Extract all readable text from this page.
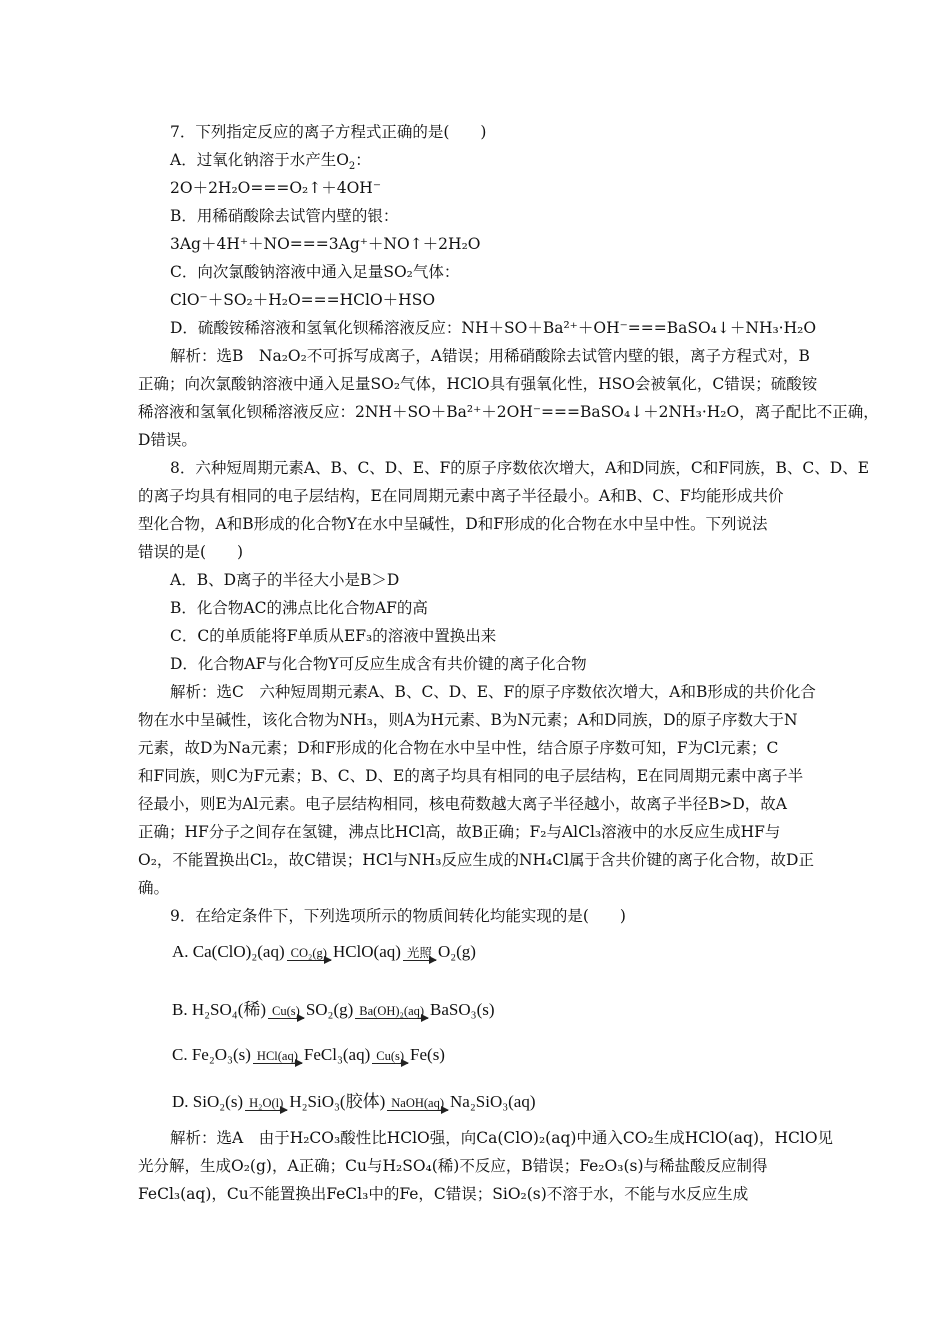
7．下列指定反应的离子方程式正确的是(　　)
A．过氧化钠溶于水产生$O_2$：
2O＋2H₂O===O₂↑＋4OH⁻
B．用稀硝酸除去试管内壁的银：
3Ag＋4H⁺＋NO===3Ag⁺＋NO↑＋2H₂O
C．向次氯酸钠溶液中通入足量SO₂气体：
ClO⁻＋SO₂＋H₂O===HClO＋HSO
D．硫酸铵稀溶液和氢氧化钡稀溶液反应：NH＋SO＋Ba²⁺＋OH⁻===BaSO₄↓＋NH₃·H₂O
解析：选B　Na₂O₂不可拆写成离子，A错误；用稀硝酸除去试管内壁的银，离子方程式对，B
正确；向次氯酸钠溶液中通入足量SO₂气体，HClO具有强氧化性，HSO会被氧化，C错误；硫酸铵
稀溶液和氢氧化钡稀溶液反应：2NH＋SO＋Ba²⁺＋2OH⁻===BaSO₄↓＋2NH₃·H₂O，离子配比不正确，
D错误。
8．六种短周期元素A、B、C、D、E、F的原子序数依次增大，A和D同族，C和F同族，B、C、D、E
的离子均具有相同的电子层结构，E在同周期元素中离子半径最小。A和B、C、F均能形成共价
型化合物，A和B形成的化合物Y在水中呈碱性，D和F形成的化合物在水中呈中性。下列说法
错误的是(　　)
A．B、D离子的半径大小是B＞D
B．化合物AC的沸点比化合物AF的高
C．C的单质能将F单质从EF₃的溶液中置换出来
D．化合物AF与化合物Y可反应生成含有共价键的离子化合物
解析：选C　六种短周期元素A、B、C、D、E、F的原子序数依次增大，A和B形成的共价化合
物在水中呈碱性，该化合物为NH₃，则A为H元素、B为N元素；A和D同族，D的原子序数大于N
元素，故D为Na元素；D和F形成的化合物在水中呈中性，结合原子序数可知，F为Cl元素；C
和F同族，则C为F元素；B、C、D、E的离子均具有相同的电子层结构，E在同周期元素中离子半
径最小，则E为Al元素。电子层结构相同，核电荷数越大离子半径越小，故离子半径B>D，故A
正确；HF分子之间存在氢键，沸点比HCl高，故B正确；F₂与AlCl₃溶液中的水反应生成HF与
O₂，不能置换出Cl₂，故C错误；HCl与NH₃反应生成的NH₄Cl属于含共价键的离子化合物，故D正
确。
9．在给定条件下，下列选项所示的物质间转化均能实现的是(　　)
A. Ca(ClO)₂(aq) CO₂(g) HClO(aq) 光照 O₂(g)
B. H₂SO₄(稀) Cu(s) SO₂(g) Ba(OH)₂(aq) BaSO₃(s)
C. Fe₂O₃(s) HCl(aq) FeCl₃(aq) Cu(s) Fe(s)
D. SiO₂(s) H₂O(l) H₂SiO₃(胶体) NaOH(aq) Na₂SiO₃(aq)
解析：选A　由于H₂CO₃酸性比HClO强，向Ca(ClO)₂(aq)中通入CO₂生成HClO(aq)，HClO见
光分解，生成O₂(g)，A正确；Cu与H₂SO₄(稀)不反应，B错误；Fe₂O₃(s)与稀盐酸反应制得
FeCl₃(aq)，Cu不能置换出FeCl₃中的Fe，C错误；SiO₂(s)不溶于水，不能与水反应生成
